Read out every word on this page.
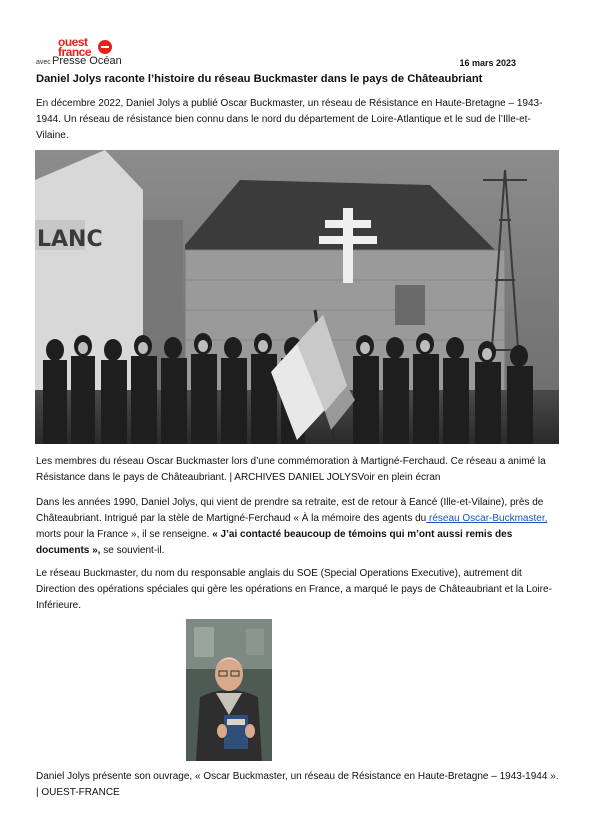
ouest
france
avec Presse Océan	16 mars 2023
Daniel Jolys raconte l’histoire du réseau Buckmaster dans le pays de Châteaubriant

En décembre 2022, Daniel Jolys a publié Oscar Buckmaster, un réseau de Résistance en Haute-Bretagne – 1943-1944. Un réseau de résistance bien connu dans le nord du département de Loire-Atlantique et le sud de l’Ille-et-Vilaine.

LANC

Les membres du réseau Oscar Buckmaster lors d’une commémoration à Martigné-Ferchaud. Ce réseau a animé la Résistance dans le pays de Châteaubriant. | ARCHIVES DANIEL JOLYSVoir en plein écran

Dans les années 1990, Daniel Jolys, qui vient de prendre sa retraite, est de retour à Eancé (Ille-et-Vilaine), près de Châteaubriant. Intrigué par la stèle de Martigné-Ferchaud « À la mémoire des agents du réseau Oscar-Buckmaster, morts pour la France », il se renseigne. « J’ai contacté beaucoup de témoins qui m’ont aussi remis des documents », se souvient-il.

Le réseau Buckmaster, du nom du responsable anglais du SOE (Special Operations Executive), autrement dit Direction des opérations spéciales qui gère les opérations en France, a marqué le pays de Châteaubriant et la Loire-Inférieure.

Daniel Jolys présente son ouvrage, « Oscar Buckmaster, un réseau de Résistance en Haute-Bretagne – 1943-1944 ». | OUEST-FRANCE
